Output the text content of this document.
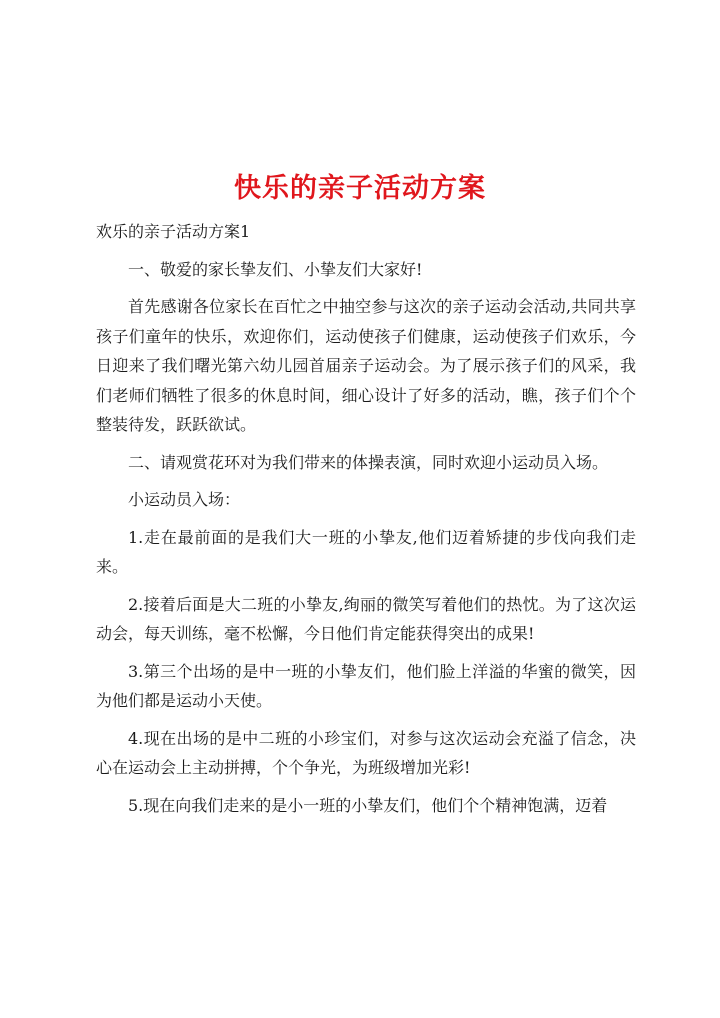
快乐的亲子活动方案

欢乐的亲子活动方案1

一、敬爱的家长挚友们、小挚友们大家好!

首先感谢各位家长在百忙之中抽空参与这次的亲子运动会活动,共同共享孩子们童年的快乐，欢迎你们，运动使孩子们健康，运动使孩子们欢乐，今日迎来了我们曙光第六幼儿园首届亲子运动会。为了展示孩子们的风采，我们老师们牺牲了很多的休息时间，细心设计了好多的活动，瞧，孩子们个个整装待发，跃跃欲试。

二、请观赏花环对为我们带来的体操表演，同时欢迎小运动员入场。

小运动员入场：

1.走在最前面的是我们大一班的小挚友,他们迈着矫捷的步伐向我们走来。

2.接着后面是大二班的小挚友,绚丽的微笑写着他们的热忱。为了这次运动会，每天训练，毫不松懈，今日他们肯定能获得突出的成果!

3.第三个出场的是中一班的小挚友们，他们脸上洋溢的华蜜的微笑，因为他们都是运动小天使。

4.现在出场的是中二班的小珍宝们，对参与这次运动会充溢了信念，决心在运动会上主动拼搏，个个争光，为班级增加光彩!

5.现在向我们走来的是小一班的小挚友们，他们个个精神饱满，迈着
